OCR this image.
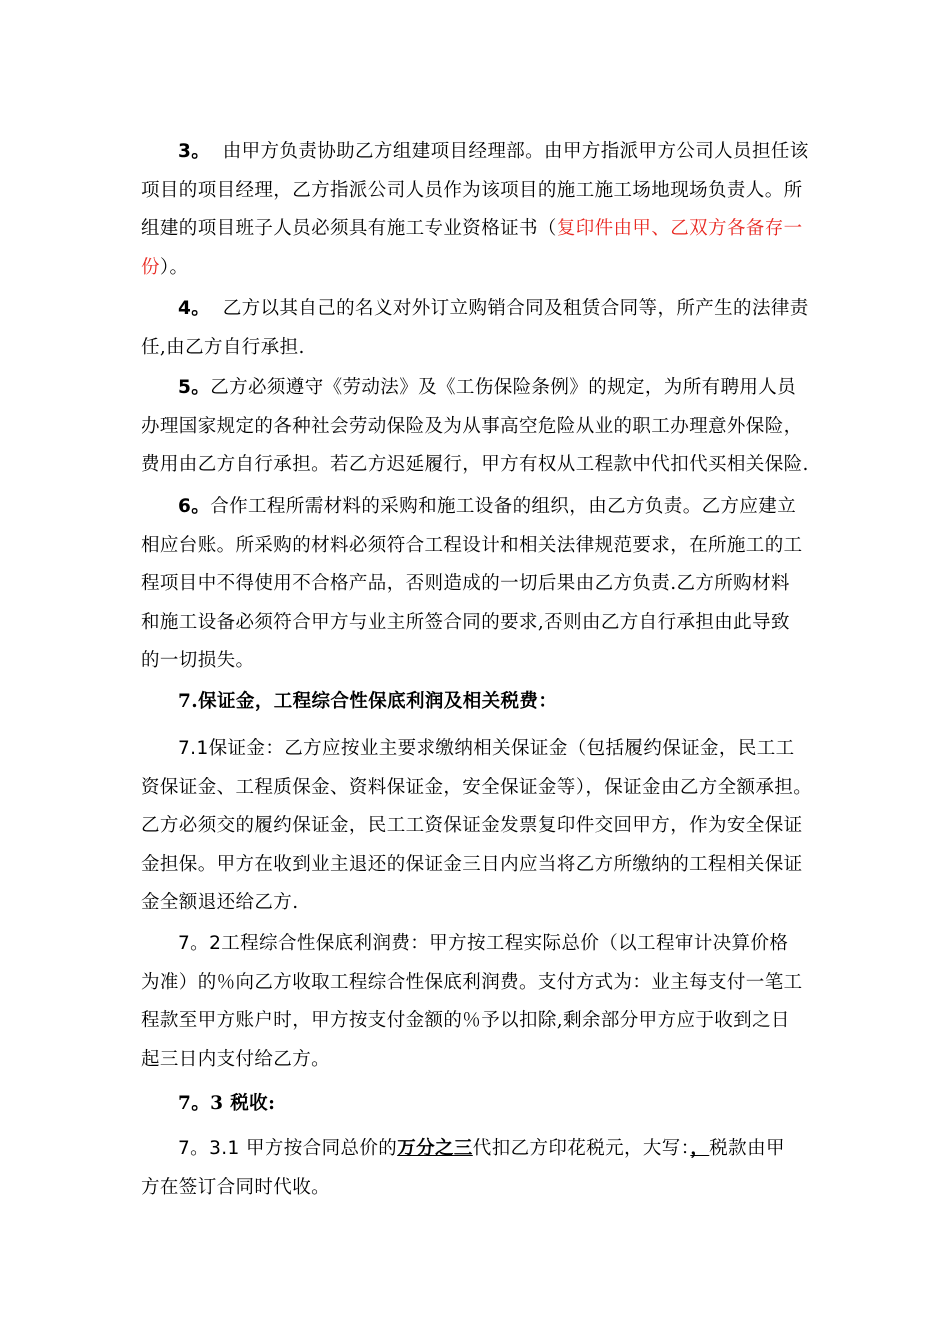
3。 由甲方负责协助乙方组建项目经理部。由甲方指派甲方公司人员担任该
项目的项目经理，乙方指派公司人员作为该项目的施工施工场地现场负责人。所
组建的项目班子人员必须具有施工专业资格证书（复印件由甲、乙双方各备存一
份）。
4。 乙方以其自己的名义对外订立购销合同及租赁合同等，所产生的法律责
任,由乙方自行承担.
5。乙方必须遵守《劳动法》及《工伤保险条例》的规定，为所有聘用人员
办理国家规定的各种社会劳动保险及为从事高空危险从业的职工办理意外保险，
费用由乙方自行承担。若乙方迟延履行，甲方有权从工程款中代扣代买相关保险.
6。合作工程所需材料的采购和施工设备的组织，由乙方负责。乙方应建立
相应台账。所采购的材料必须符合工程设计和相关法律规范要求，在所施工的工
程项目中不得使用不合格产品，否则造成的一切后果由乙方负责.乙方所购材料
和施工设备必须符合甲方与业主所签合同的要求,否则由乙方自行承担由此导致
的一切损失。
7.保证金，工程综合性保底利润及相关税费：
7.1保证金：乙方应按业主要求缴纳相关保证金（包括履约保证金，民工工
资保证金、工程质保金、资料保证金，安全保证金等），保证金由乙方全额承担。
乙方必须交的履约保证金，民工工资保证金发票复印件交回甲方，作为安全保证
金担保。甲方在收到业主退还的保证金三日内应当将乙方所缴纳的工程相关保证
金全额退还给乙方.
7。2工程综合性保底利润费：甲方按工程实际总价（以工程审计决算价格
为准）的％向乙方收取工程综合性保底利润费。支付方式为：业主每支付一笔工
程款至甲方账户时，甲方按支付金额的％予以扣除,剩余部分甲方应于收到之日
起三日内支付给乙方。
7。3 税收:
7。3.1 甲方按合同总价的万分之三代扣乙方印花税元，大写：，税款由甲
方在签订合同时代收。
